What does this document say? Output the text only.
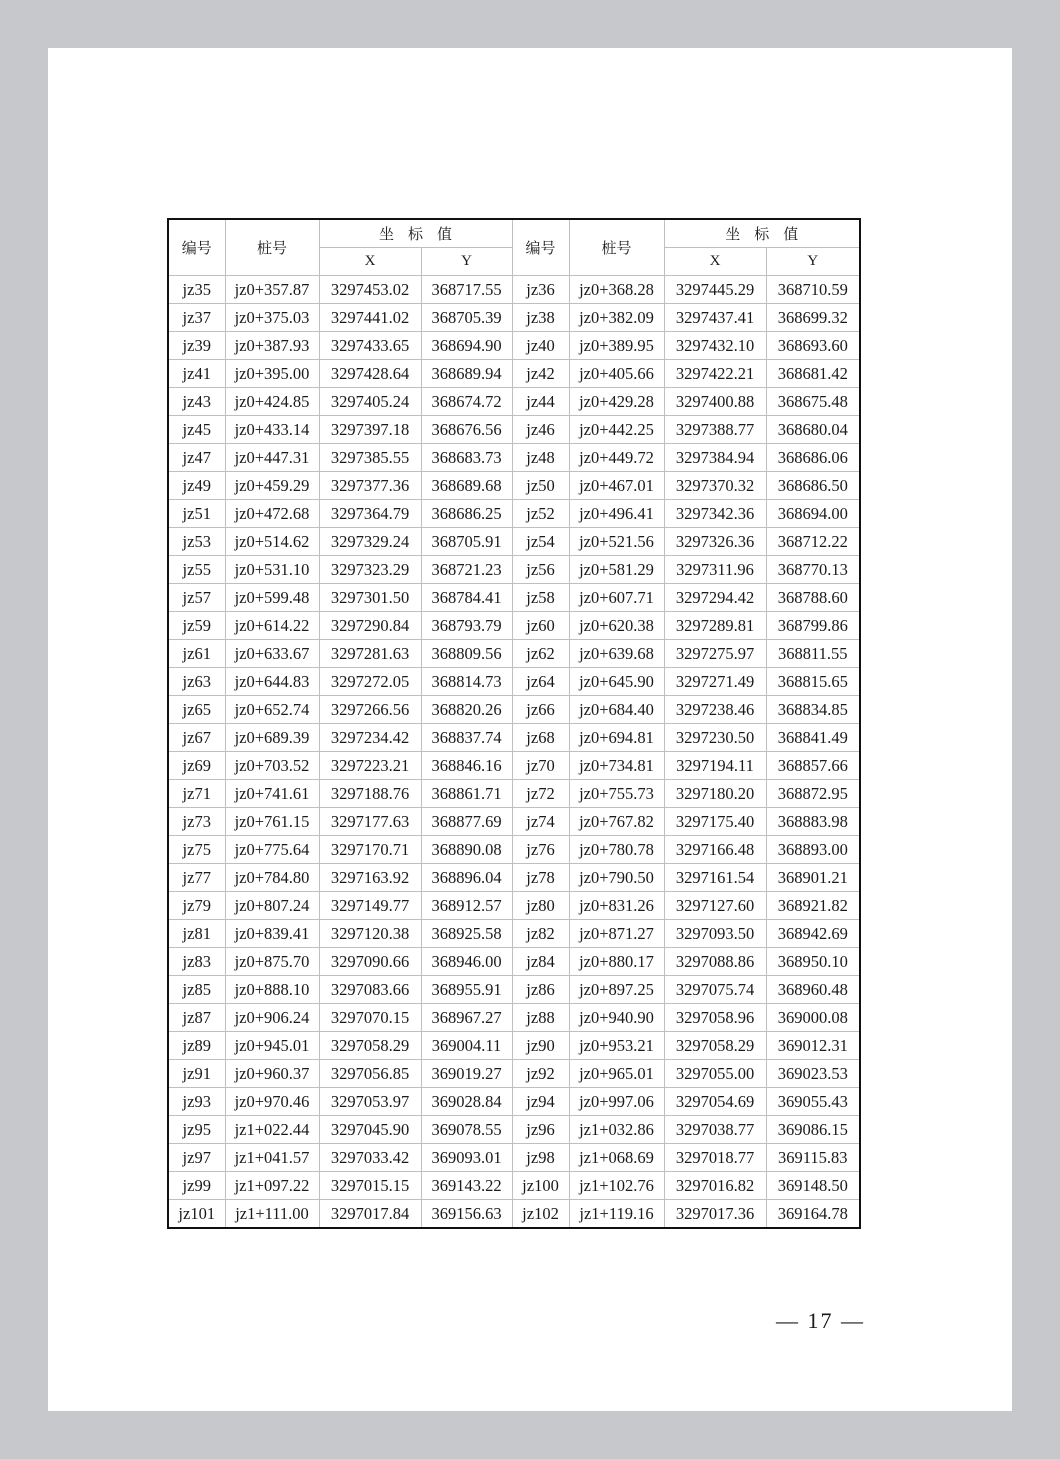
编号	桩号	坐标值		编号	桩号	坐标值	
		X	Y			X	Y
jz35	jz0+357.87	3297453.02	368717.55	jz36	jz0+368.28	3297445.29	368710.59
jz37	jz0+375.03	3297441.02	368705.39	jz38	jz0+382.09	3297437.41	368699.32
jz39	jz0+387.93	3297433.65	368694.90	jz40	jz0+389.95	3297432.10	368693.60
jz41	jz0+395.00	3297428.64	368689.94	jz42	jz0+405.66	3297422.21	368681.42
jz43	jz0+424.85	3297405.24	368674.72	jz44	jz0+429.28	3297400.88	368675.48
jz45	jz0+433.14	3297397.18	368676.56	jz46	jz0+442.25	3297388.77	368680.04
jz47	jz0+447.31	3297385.55	368683.73	jz48	jz0+449.72	3297384.94	368686.06
jz49	jz0+459.29	3297377.36	368689.68	jz50	jz0+467.01	3297370.32	368686.50
jz51	jz0+472.68	3297364.79	368686.25	jz52	jz0+496.41	3297342.36	368694.00
jz53	jz0+514.62	3297329.24	368705.91	jz54	jz0+521.56	3297326.36	368712.22
jz55	jz0+531.10	3297323.29	368721.23	jz56	jz0+581.29	3297311.96	368770.13
jz57	jz0+599.48	3297301.50	368784.41	jz58	jz0+607.71	3297294.42	368788.60
jz59	jz0+614.22	3297290.84	368793.79	jz60	jz0+620.38	3297289.81	368799.86
jz61	jz0+633.67	3297281.63	368809.56	jz62	jz0+639.68	3297275.97	368811.55
jz63	jz0+644.83	3297272.05	368814.73	jz64	jz0+645.90	3297271.49	368815.65
jz65	jz0+652.74	3297266.56	368820.26	jz66	jz0+684.40	3297238.46	368834.85
jz67	jz0+689.39	3297234.42	368837.74	jz68	jz0+694.81	3297230.50	368841.49
jz69	jz0+703.52	3297223.21	368846.16	jz70	jz0+734.81	3297194.11	368857.66
jz71	jz0+741.61	3297188.76	368861.71	jz72	jz0+755.73	3297180.20	368872.95
jz73	jz0+761.15	3297177.63	368877.69	jz74	jz0+767.82	3297175.40	368883.98
jz75	jz0+775.64	3297170.71	368890.08	jz76	jz0+780.78	3297166.48	368893.00
jz77	jz0+784.80	3297163.92	368896.04	jz78	jz0+790.50	3297161.54	368901.21
jz79	jz0+807.24	3297149.77	368912.57	jz80	jz0+831.26	3297127.60	368921.82
jz81	jz0+839.41	3297120.38	368925.58	jz82	jz0+871.27	3297093.50	368942.69
jz83	jz0+875.70	3297090.66	368946.00	jz84	jz0+880.17	3297088.86	368950.10
jz85	jz0+888.10	3297083.66	368955.91	jz86	jz0+897.25	3297075.74	368960.48
jz87	jz0+906.24	3297070.15	368967.27	jz88	jz0+940.90	3297058.96	369000.08
jz89	jz0+945.01	3297058.29	369004.11	jz90	jz0+953.21	3297058.29	369012.31
jz91	jz0+960.37	3297056.85	369019.27	jz92	jz0+965.01	3297055.00	369023.53
jz93	jz0+970.46	3297053.97	369028.84	jz94	jz0+997.06	3297054.69	369055.43
jz95	jz1+022.44	3297045.90	369078.55	jz96	jz1+032.86	3297038.77	369086.15
jz97	jz1+041.57	3297033.42	369093.01	jz98	jz1+068.69	3297018.77	369115.83
jz99	jz1+097.22	3297015.15	369143.22	jz100	jz1+102.76	3297016.82	369148.50
jz101	jz1+111.00	3297017.84	369156.63	jz102	jz1+119.16	3297017.36	369164.78
— 17 —
